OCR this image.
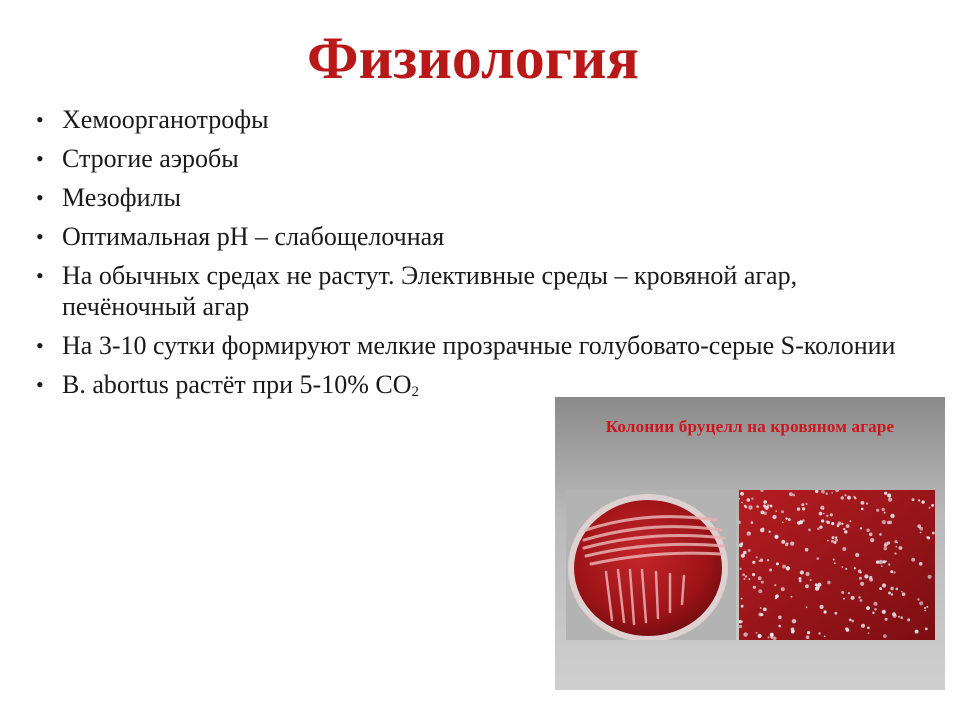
Физиология
• Хемоорганотрофы
• Строгие аэробы
• Мезофилы
• Оптимальная рН – слабощелочная
• На обычных средах не растут. Элективные среды – кровяной агар, печёночный агар
• На 3-10 сутки формируют мелкие прозрачные голубовато-серые S-колонии
• B. abortus растёт при 5-10% $СО_2$
Колонии бруцелл на кровяном агаре
